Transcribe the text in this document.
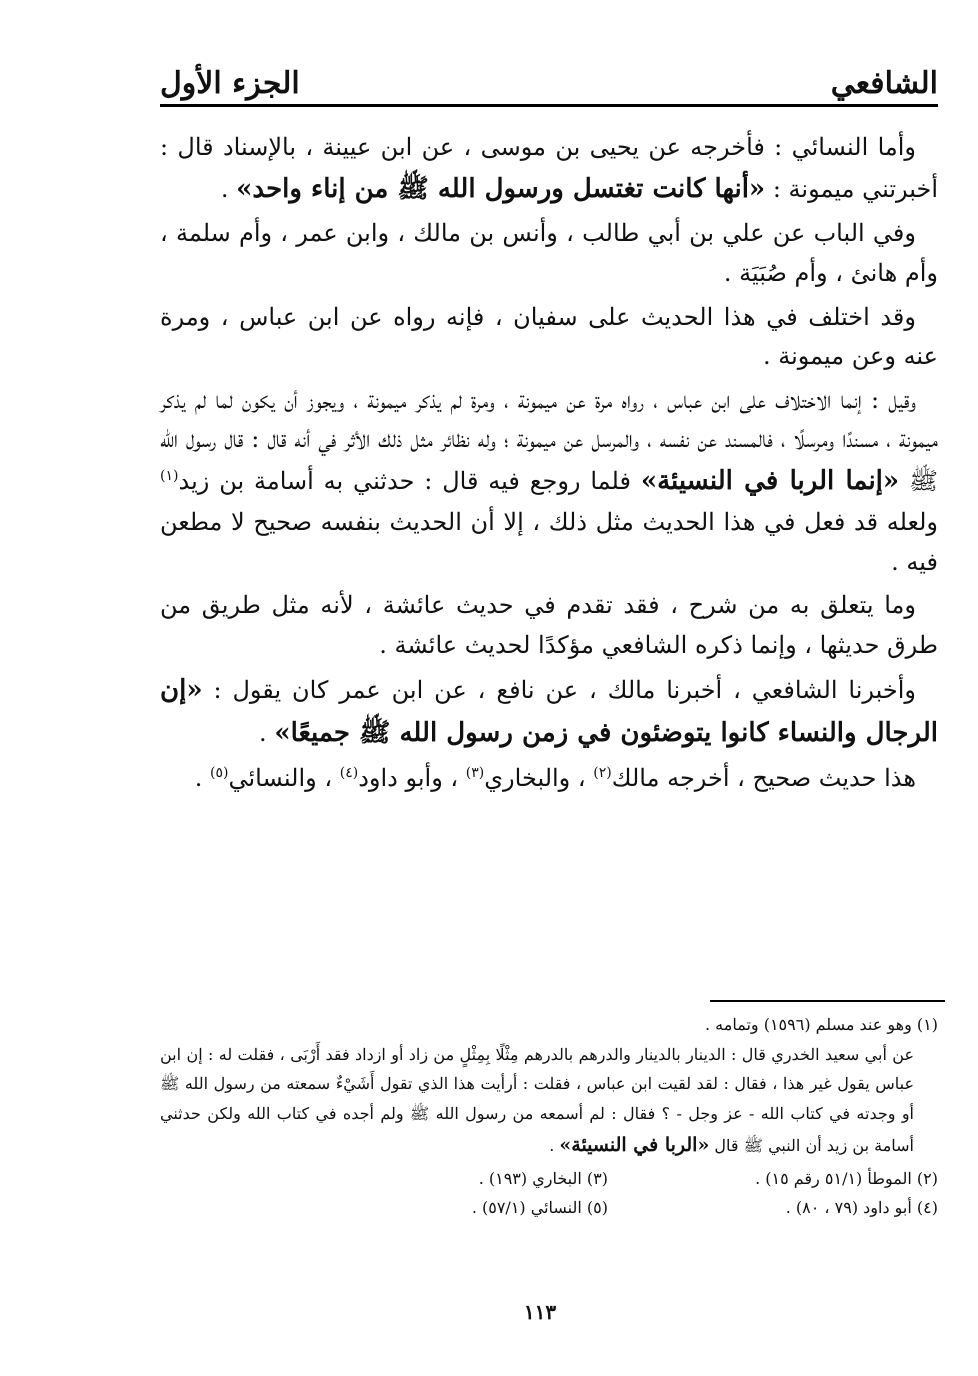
الشافعي
الجزء الأول

وأما النسائي : فأخرجه عن يحيى بن موسى ، عن ابن عيينة ، بالإسناد قال : أخبرتني ميمونة : «أنها كانت تغتسل ورسول الله ﷺ من إناء واحد» .

وفي الباب عن علي بن أبي طالب ، وأنس بن مالك ، وابن عمر ، وأم سلمة ، وأم هانئ ، وأم صُبَيَة .

وقد اختلف في هذا الحديث على سفيان ، فإنه رواه عن ابن عباس ، ومرة عنه وعن ميمونة .

وقيل : إنما الاختلاف على ابن عباس ، رواه مرة عن ميمونة ، ومرة لم يذكر ميمونة ، ويجوز أن يكون لما لم يذكر ميمونة ، مسندًا ومرسلًا ، فالمسند عن نفسه ، والمرسل عن ميمونة ؛ وله نظائر مثل ذلك الأثر في أنه قال : قال رسول الله ﷺ «إنما الربا في النسيئة» فلما روجع فيه قال : حدثني به أسامة بن زيد$^{(١)}$ ولعله قد فعل في هذا الحديث مثل ذلك ، إلا أن الحديث بنفسه صحيح لا مطعن فيه .

وما يتعلق به من شرح ، فقد تقدم في حديث عائشة ، لأنه مثل طريق من طرق حديثها ، وإنما ذكره الشافعي مؤكدًا لحديث عائشة .

وأخبرنا الشافعي ، أخبرنا مالك ، عن نافع ، عن ابن عمر كان يقول : «إن الرجال والنساء كانوا يتوضئون في زمن رسول الله ﷺ جميعًا» .

هذا حديث صحيح ، أخرجه مالك$^{(٢)}$ ، والبخاري$^{(٣)}$ ، وأبو داود$^{(٤)}$ ، والنسائي$^{(٥)}$ .

(١) وهو عند مسلم (١٥٩٦) وتمامه .

عن أبي سعيد الخدري قال : الدينار بالدينار والدرهم بالدرهم مِثْلًا بِمِثْلٍ من زاد أو ازداد فقد أَرْبَى ، فقلت له : إن ابن عباس يقول غير هذا ، فقال : لقد لقيت ابن عباس ، فقلت : أرأيت هذا الذي تقول أَشَيْءٌ سمعته من رسول الله ﷺ أو وجدته في كتاب الله - عز وجل - ؟ فقال : لم أسمعه من رسول الله ﷺ ولم أجده في كتاب الله ولكن حدثني أسامة بن زيد أن النبي ﷺ قال «الربا في النسيئة» .

(٢) الموطأ (٥١/١ رقم ١٥) .
(٣) البخاري (١٩٣) .
(٤) أبو داود (٧٩ ، ٨٠) .
(٥) النسائي (٥٧/١) .
١١٣
